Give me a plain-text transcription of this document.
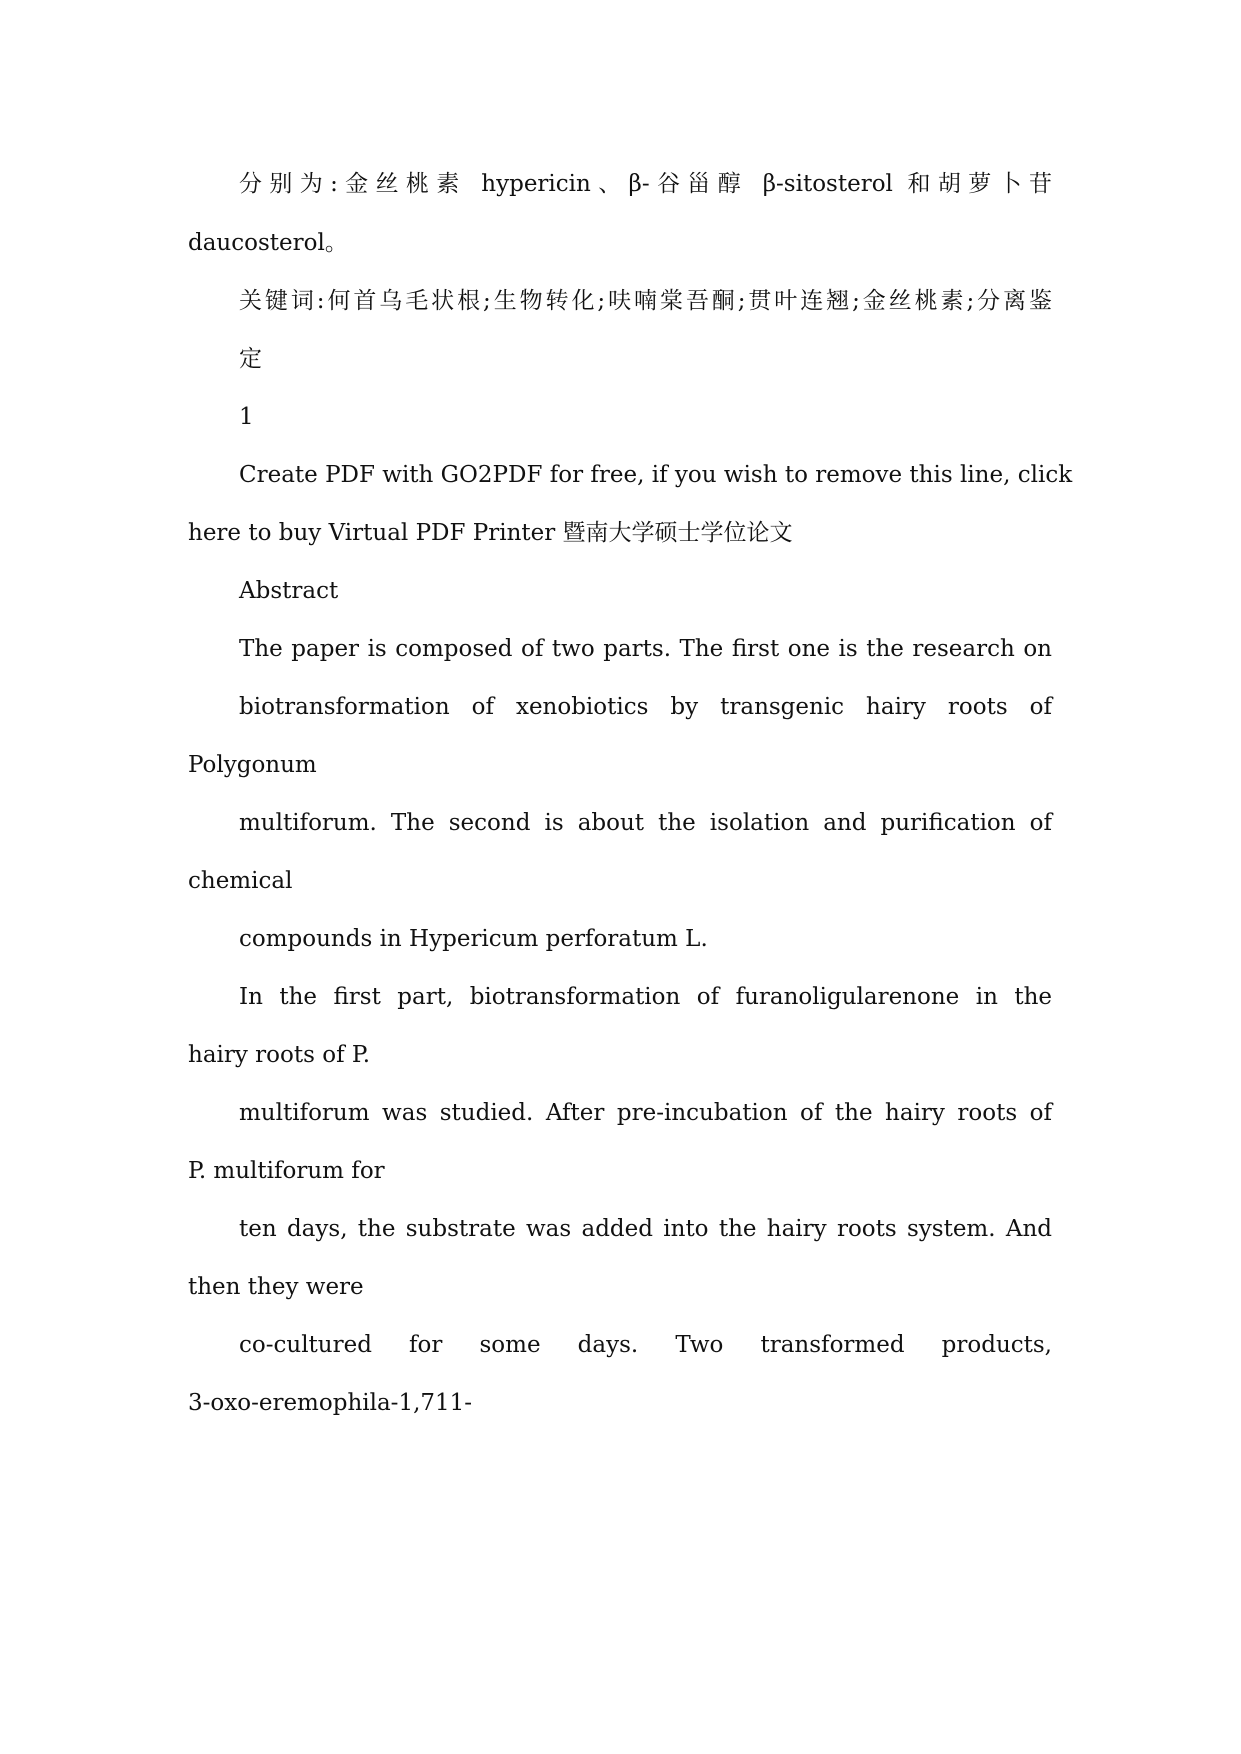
分别为:金丝桃素 hypericin、β-谷甾醇 β-sitosterol 和胡萝卜苷

daucosterol。

关键词:何首乌毛状根;生物转化;呋喃棠吾酮;贯叶连翘;金丝桃素;分离鉴

定

1

Create PDF with GO2PDF for free, if you wish to remove this line, click

here to buy Virtual PDF Printer 暨南大学硕士学位论文

Abstract

The paper is composed of two parts. The first one is the research on

biotransformation of xenobiotics by transgenic hairy roots of

Polygonum

multiforum. The second is about the isolation and purification of

chemical

compounds in Hypericum perforatum L.

In the first part, biotransformation of furanoligularenone in the

hairy roots of P.

multiforum was studied. After pre-incubation of the hairy roots of

P. multiforum for

ten days, the substrate was added into the hairy roots system. And

then they were

co-cultured for some days. Two transformed products,

3-oxo-eremophila-1,711-
